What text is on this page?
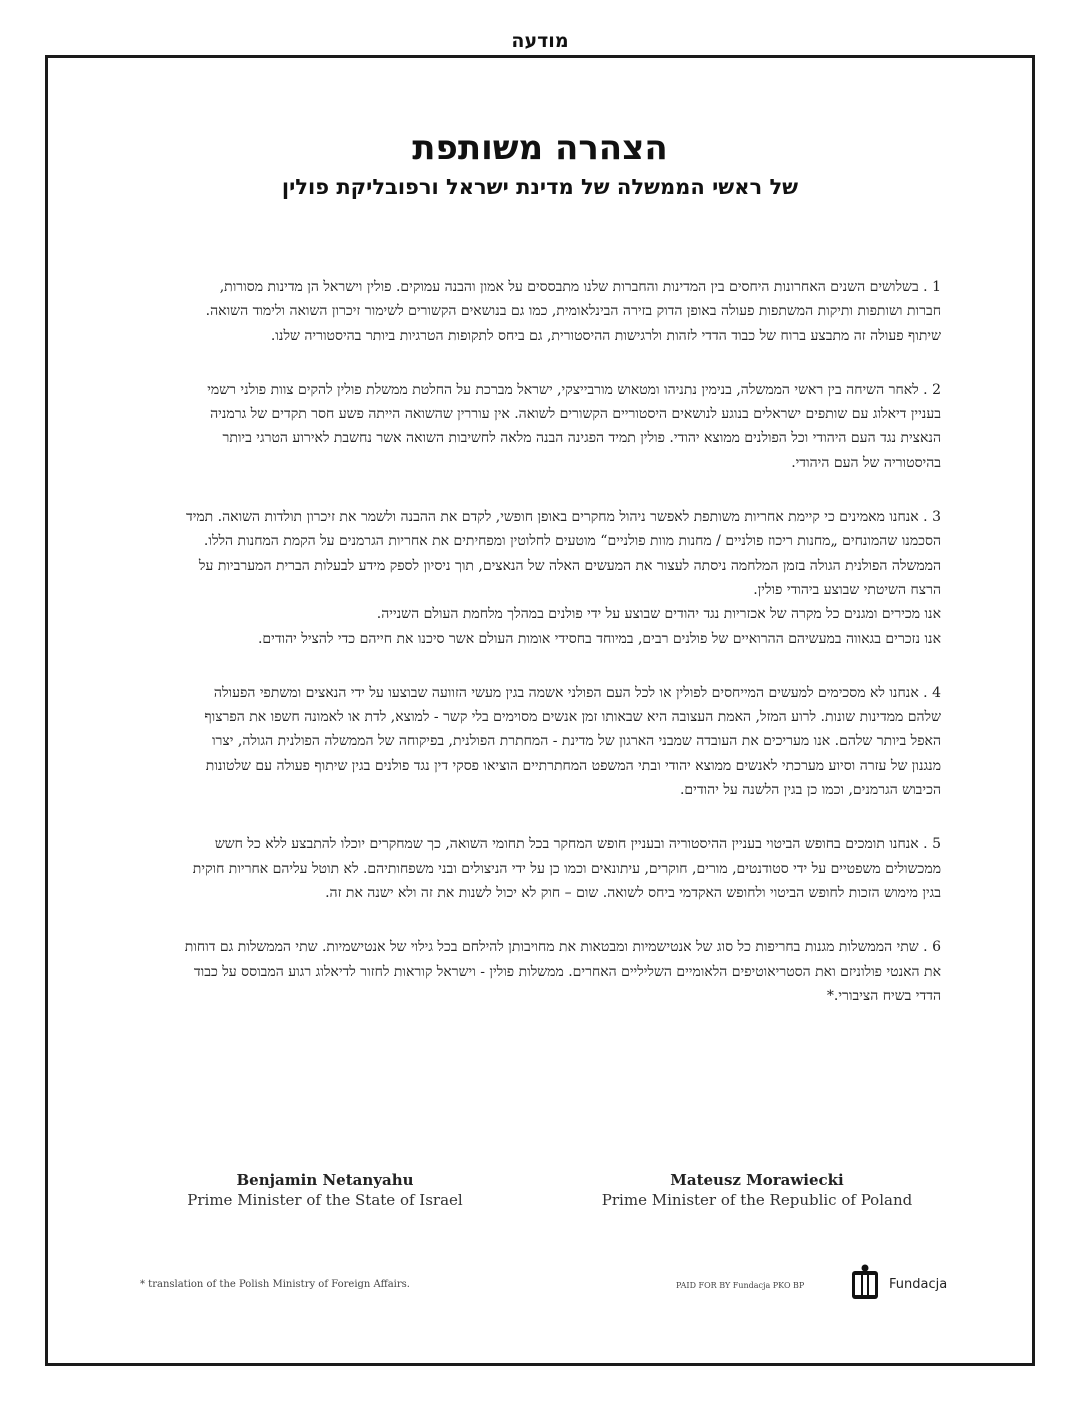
מודעה
הצהרה משותפת
של ראשי הממשלה של מדינת ישראל ורפובליקת פולין
1 . בשלושים השנים האחרונות היחסים בין המדינות והחברות שלנו מתבססים על אמון והבנה עמוקים. פולין וישראל הן מדינות מסורות, חברות ושותפות ותיקות המשתפות פעולה באופן הדוק בזירה הבינלאומית, כמו גם בנושאים הקשורים לשימור זיכרון השואה ולימוד השואה. שיתוף פעולה זה מתבצע ברוח של כבוד הדדי לזהות ולרגישות ההיסטורית, גם ביחס לתקופות הטרגיות ביותר בהיסטוריה שלנו.
2 . לאחר השיחה בין ראשי הממשלה, בנימין נתניהו ומטאוש מורבייצקי, ישראל מברכת על החלטת ממשלת פולין להקים צוות פולני רשמי בעניין דיאלוג עם שותפים ישראלים בנוגע לנושאים היסטוריים הקשורים לשואה. אין עוררין שהשואה הייתה פשע חסר תקדים של גרמניה הנאצית נגד העם היהודי וכל הפולנים ממוצא יהודי. פולין תמיד הפגינה הבנה מלאה לחשיבות השואה אשר נחשבת לאירוע הטרגי ביותר בהיסטוריה של העם היהודי.
3 . אנחנו מאמינים כי קיימת אחריות משותפת לאפשר ניהול מחקרים באופן חופשי, לקדם את ההבנה ולשמר את זיכרון תולדות השואה. תמיד הסכמנו שהמונחים „מחנות ריכוז פולניים / מחנות מוות פולניים“ מוטעים לחלוטין ומפחיתים את אחריות הגרמנים על הקמת המחנות הללו.
הממשלה הפולנית הגולה בזמן המלחמה ניסתה לעצור את המעשים האלה של הנאצים, תוך ניסיון לספק מידע לבעלות הברית המערביות על הרצח השיטתי שבוצע ביהודי פולין.
אנו מכירים ומגנים כל מקרה של אכזריות נגד יהודים שבוצע על ידי פולנים במהלך מלחמת העולם השנייה.
אנו נזכרים בגאווה במעשיהם ההרואיים של פולנים רבים, במיוחד בחסידי אומות העולם אשר סיכנו את חייהם כדי להציל יהודים.
4 . אנחנו לא מסכימים למעשים המייחסים לפולין או לכל העם הפולני אשמה בגין מעשי הזוועה שבוצעו על ידי הנאצים ומשתפי הפעולה שלהם ממדינות שונות. לרוע המזל, האמת העצובה היא שבאותו זמן אנשים מסוימים בלי קשר - למוצא, לדת או לאמונה חשפו את הפרצוף האפל ביותר שלהם. אנו מעריכים את העובדה שמבני הארגון של מדינת - המחתרת הפולנית, בפיקוחה של הממשלה הפולנית הגולה, יצרו מנגנון של עזרה וסיוע מערכתי לאנשים ממוצא יהודי ובתי המשפט המחתרתיים הוציאו פסקי דין נגד פולנים בגין שיתוף פעולה עם שלטונות הכיבוש הגרמנים, וכמו כן בגין הלשנה על יהודים.
5 . אנחנו תומכים בחופש הביטוי בעניין ההיסטוריה ובעניין חופש המחקר בכל תחומי השואה, כך שמחקרים יוכלו להתבצע ללא כל חשש ממכשולים משפטיים על ידי סטודנטים, מורים, חוקרים, עיתונאים וכמו כן על ידי הניצולים ובני משפחותיהם. לא תוטל עליהם אחריות חוקית בגין מימוש הזכות לחופש הביטוי ולחופש האקדמי ביחס לשואה. שום – חוק לא יכול לשנות את זה ולא ישנה את זה.
6 . שתי הממשלות מגנות בחריפות כל סוג של אנטישמיות ומבטאות את מחויבותן להילחם בכל גילוי של אנטישמיות. שתי הממשלות גם דוחות את האנטי פולוניזם ואת הסטריאוטיפים הלאומיים השליליים האחרים. ממשלות פולין - וישראל קוראות לחזור לדיאלוג רגוע המבוסס על כבוד הדדי בשיח הציבורי.*
Benjamin Netanyahu
Prime Minister of the State of Israel
Mateusz Morawiecki
Prime Minister of the Republic of Poland
* translation of the Polish Ministry of Foreign Affairs.	PAID FOR BY Fundacja PKO BP	Fundacja
